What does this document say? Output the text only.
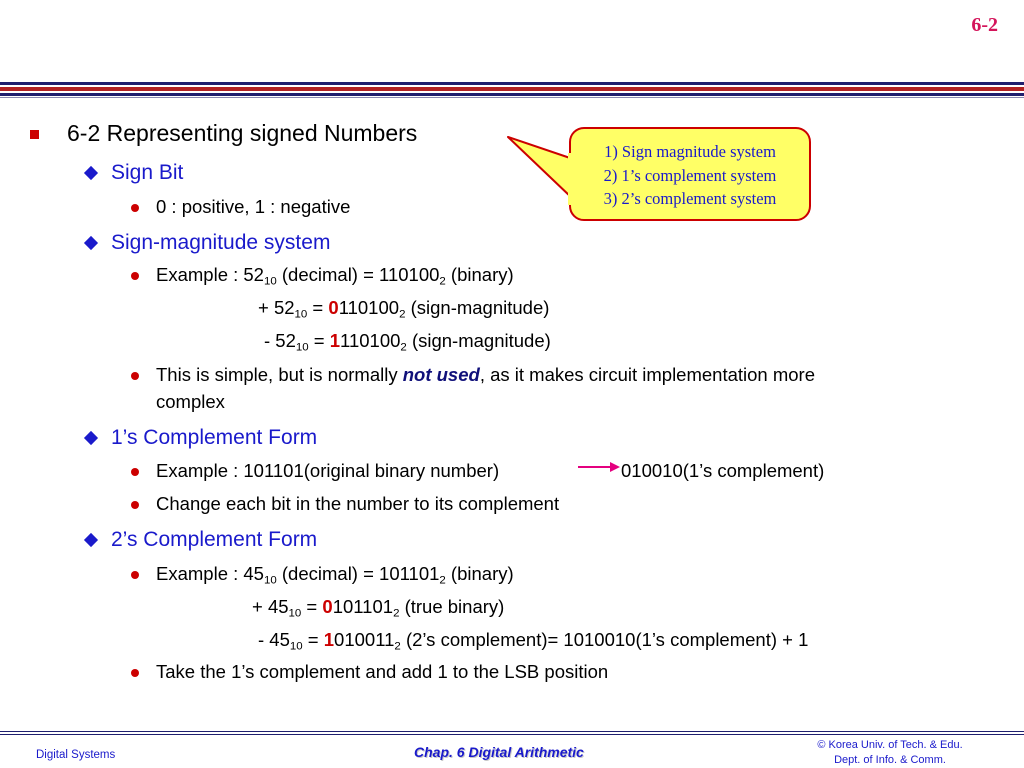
6-2
6-2 Representing signed Numbers
1) Sign magnitude system
2) 1’s complement system
3) 2’s complement system
Sign Bit
0 : positive, 1 : negative
Sign-magnitude system
Example : $52_{10}$ (decimal) = $110100_2$ (binary)
+ $52_{10} = 0110100_2$ (sign-magnitude)
- $52_{10} = 1110100_2$ (sign-magnitude)
This is simple, but is normally not used, as it makes circuit implementation more
complex
1’s Complement Form
Example : 101101(original binary number)	010010(1’s complement)
Change each bit in the number to its complement
2’s Complement Form
Example : $45_{10}$ (decimal) = $101101_2$ (binary)
+ $45_{10} = 0101101_2$ (true binary)
- $45_{10} = 1010011_2$ (2’s complement)= 1010010(1’s complement) + 1
Take the 1’s complement and add 1 to the LSB position
Digital Systems	Chap. 6 Digital Arithmetic	© Korea Univ. of Tech. & Edu.
Dept. of Info. & Comm.
